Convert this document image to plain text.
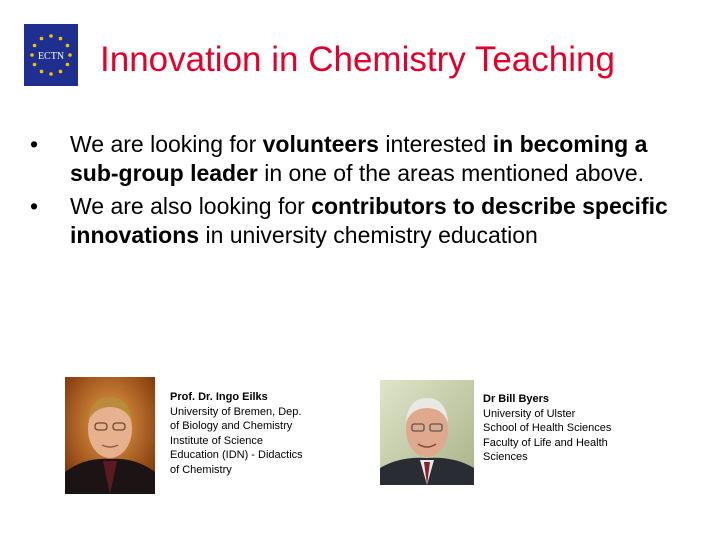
ECTN Innovation in Chemistry Teaching
• We are looking for volunteers interested in becoming a sub-group leader in one of the areas mentioned above.
• We are also looking for contributors to describe specific innovations in university chemistry education
Prof. Dr. Ingo Eilks
University of Bremen, Dep.
of Biology and Chemistry
Institute of Science
Education (IDN) - Didactics
of Chemistry
Dr Bill Byers
University of Ulster
School of Health Sciences
Faculty of Life and Health
Sciences
